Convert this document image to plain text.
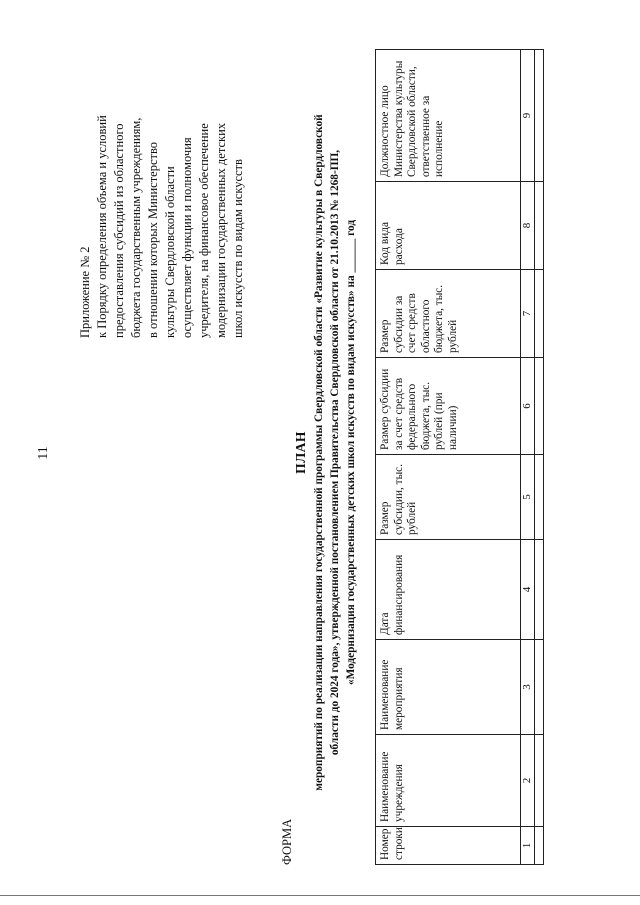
11
Приложение № 2 к Порядку определения объема и условий предоставления субсидий из областного бюджета государственным учреждениям, в отношении которых Министерство культуры Свердловской области осуществляет функции и полномочия учредителя, на финансовое обеспечение модернизации государственных детских школ искусств по видам искусств
ФОРМА
ПЛАН мероприятий по реализации направления государственной программы Свердловской области «Развитие культуры в Свердловской области до 2024 года», утвержденной постановлением Правительства Свердловской области от 21.10.2013 № 1268-ПП, «Модернизация государственных детских школ искусств по видам искусств» на ______ год
Номер строки	Наименование учреждения	Наименование мероприятия	Дата финансирования	Размер субсидии, тыс. рублей	Размер субсидии за счет средств федерального бюджета, тыс. рублей (при наличии)	Размер субсидии за счет средств областного бюджета, тыс. рублей	Код вида расхода	Должностное лицо Министерства культуры Свердловской области, ответственное за исполнение
1	2	3	4	5	6	7	8	9
